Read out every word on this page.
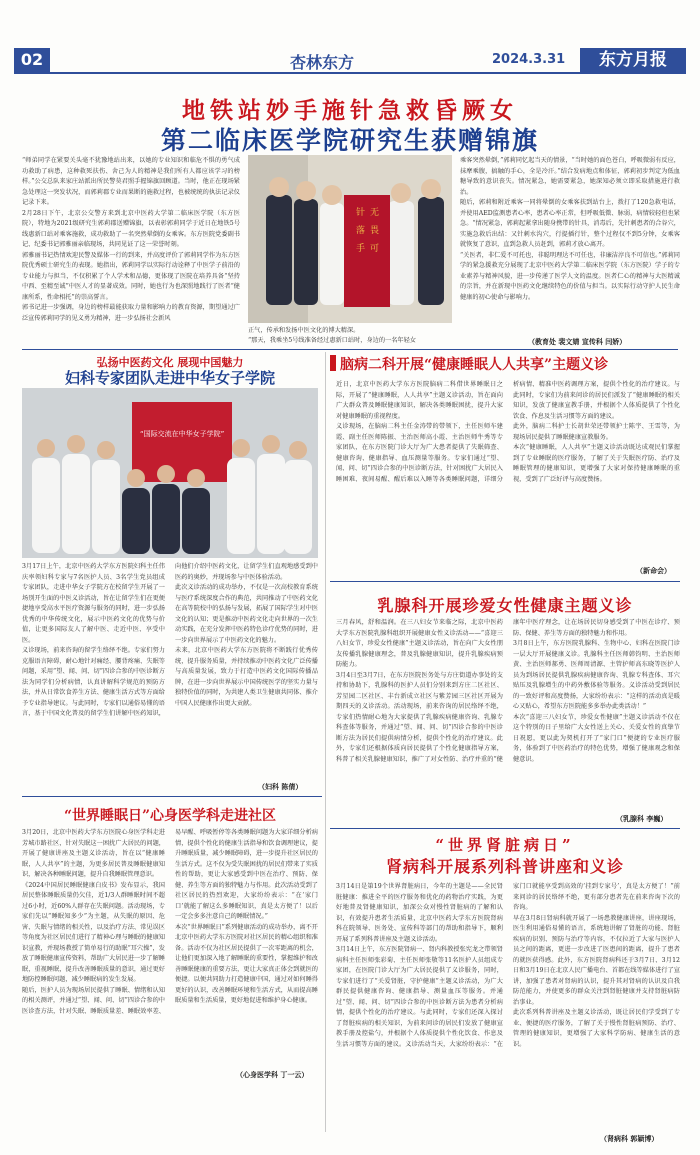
02	杏林东方	2024.3.31	东方月报
地铁站妙手施针急救昏厥女
第二临床医学院研究生获赠锦旗
“师弟同学在紧要关头毫不犹豫地站出来，以她的专业知识和临危不惧的勇气成功救助了病患，这种救死扶伤、舍己为人的精神是我们所有人都应该学习的榜样。”公交总队来家庄站派出所民警莫君照手握锦旗回顾道。当时，他正在现场紧急处理这一突发状况，而郭莉郡专业而果断的施救过程，也被统统的执法记录仪记录下来。
2月28日下午，北京公交警方来到北京中医药大学第二临床医学院（东方医院），特地为2021级研究生郭莉郡送赠锦旗，以表彰郭莉同学于近日在地铁5号线惠新口站对乘客施救，成功救助了一名突然晕倒的女乘客。东方医院党委副书记、纪委书记郭雅丽亲临现场，共同见证了这一荣誉时刻。
郭雅丽书记热情欢迎民警及媒体一行的到来，并高度评价了郭莉同学作为东方医院优秀硕士研究生的表现。她指出，郭莉同学以实际行动诠释了中医学子前沿的专业能力与担当，不仅积累了个人学术和品德，更体现了医院在培养具备“坚持中西、至精至诚”中医人才的显著成效。同时，她也行为也深照地践行了医者“健康所系，性命相托”的崇高誓言。
郭书记进一步强调，身边的榜样最能获取力量和影响力的教育资源，期望通过广泛宣传郭莉同学的见义勇为精神，进一步弘扬社会新风
针 无
落 畏
手 可
正气，传承和发扬中医文化的博大精深。
“那天，我乘坐5号线准备经过惠新口站时，身边的一名年轻女
乘客突然晕倒，”郭莉同忆起当天的情景，“当时她的面色苍白，呼吸微弱有反应，抹摩乘腹，搞触的手心，全是冷汗。”结合发病地点和体征，郭莉初步判定为低血糖导致的意识丧失。情况紧急，她需要紧急，她深知必须立即采取措施进行救治。
随后，郭莉和附近乘客一同将晕倒的女乘客扶到站台上，拨打了120急救电话，并使用AED监测患者心率，患者心率正常，但呼吸低微、脉弱，病情较轻但也紧急。“情况紧急，郭莉起紧拿出随身携带的针具，消毒后，先针刺患者的合谷穴，实施急救后出结：又针刺水沟穴，行提插行针，整个过程仅不到5分钟，女乘客就恢复了意识，直到急救人员赶到，郭莉才放心离开。
“关医者，非仁爱不可托也，非聪明理达不可任也，非廉洁淳良不可信也。”郭莉同学的紧急援救充分展现了北京中医药大学第二临床医学院（东方医院）学子的专业素养与精神风貌，进一步传递了医学人文的温度。医者仁心的精神与大医精诚的宗旨，并在新现中医药文化继续特色的价值与担当。以实际行动守护人民生命健康的初心使命与影响力。
（教育处 裴文婧 宣传科 闫娇）
弘扬中医药文化 展现中国魅力
妇科专家团队走进中华女子学院
“国际交流在中华女子学院”
3月17日上午，北京中医药大学东方医院妇科主任伟庆率领妇科专家与7名医护人员、3名学生党员组成专家团队，走进中华女子学院方在校留学生开展了一场别开生面的中医义诊活动，旨在让留学生们在更便捷地享受高水平医疗资源与服务的同时，进一步弘扬优秀的中华传统文化，展示中医药文化的优势与价值，让更多国际友人了解中医、走近中医、享受中医。
义诊现场，前来咨询的留学生络绎不绝。专家们努力克服语言障碍，耐心地针对痛经、腰背疼痛、失眠等问题，采用“望、闻、问、切”四诊合参的中医诊断方法为同学们分析病情，认真讲解科学规范的预防方法，并从日常饮食养生方法、健康生活方式等方面给予专业指导建议。与此同时，专家们以通俗易懂的语言，基于中国文化普及的留学生们讲解中医药知识，向他们介绍中医药文化，让留学生们直观地感受到中医药的奥妙，并现场参与中医体验活动。
此次义诊活动的成功举办，不仅是一次高校教育系统与医疗系统深度合作的典范，共同推动了中医药文化在高等院校中的弘扬与发展，拓展了国际学生对中医文化的认知；更是推动中医药文化走向世界的一次生动实践，在充分发挥中医药特色诊疗优势的同时，进一步向世界展示了中医药文化的魅力。
未来，北京中医药大学东方医院将不断践行优秀传统，提升服务质量，并持续推动中医药文化广泛传播与高质量发展，致力于打造中医药文化国际传播品牌，在进一步向世界展示中国传统医学的坚实力量与独特价值的同时，为共建人类卫生健康共同体、推介中国人民健康作出更大贡献。
（妇科 陈倩）
脑病二科开展“健康睡眠人人共享”主题义诊
近日，北京中医药大学东方医院脑病二科借世界睡眠日之际，开展了“健康睡眠，人人共享”主题义诊活动，旨在面向广大群众普及睡眠健康知识，解决各类睡眠困扰，提升大家对健康睡眠的重视程度。
义诊现场，在脑病二科主任金涛带的带领下，主任医师车建霞、副主任医师陈振、主治医师高小霞、主治医师牛秀等专家团队，在东方医院门诊大厅为广大患者提供了失眠筛查、健康咨询、健康指导、血压测量等服务。专家们通过“望、闻、问、切”四诊合参的中医诊断方法，针对困扰广大居民入睡困难、夜间易醒、醒后难以入睡等各类睡眠问题，详细分析病情、精准中医药调理方案，提供个性化的治疗建议。与此同时，专家们为前来问诊的居民们派发了“健康睡眠的相关知识，发放了健康宣教手册，并根据个人体质提供了个性化饮食、作息及生活习惯等方面的建议。
此外，脑病二科护士长胡世荣还带领护士陈宇、王雪等，为现场居民提供了睡眠健康宣教服务。
本次“健康睡眠，人人共享”主题义诊活动既达成观民们掌握到了专业睡眠的医疗服务，了解了关于失眠医疗防、治疗及睡眠管理的健康知识，更增强了大家对保持健康睡眠的重视，受到了广泛好评与高度赞扬。
（新命会）
乳腺科开展珍爱女性健康主题义诊
三月春风，舒和温润。在三八妇女节来临之际，北京中医药大学东方医院乳腺科组织开展健康女性义诊活动——“喜迎三八妇女节，珍爱女性健康”主题义诊活动，旨在向广大女性朋友传播乳腺健康理念，普及乳腺健康知识，提升乳腺疾病预防能力。
3月4日至3月7日，在东方医院医务处与方庄街道办事处的支持和协助下，乳腺科的医护人员们分别来到方庄二区社区、芳星园二区社区、丰台新成立社区与紫芳园三区社区开展为期四天的义诊活动。活动现场，前来咨询的居民络绎不绝，专家们热情耐心地为大家提供了乳腺疾病健康咨询、乳腺专科查体等服务，并通过“望、闻、问、切”四诊合参的中医诊断方法为居民们提供病情分析，提供个性化的治疗建议。此外，专家们还根据体质向居民提供了个性化健康指导方案，科普了相关乳腺健康知识，推广了对女性防、治疗并重的“健康年中医疗理念，让在场居民切身感受到了中医在诊疗、预防、保健、养生等方面的独特魅力和作用。
3月8日上午，东方医院乳腺科、生物中心、妇科在医院门诊一层大厅开展健康义诊。乳腺科主任医师韩钧明、主治医师黄、主治医师郝勇、医师周清源、主管护师高东晓等医护人员为到场居民提供乳腺疾病健康咨询、乳腺专科查体、耳穴贴压及乳腺增生的中药外敷体验等服务。义诊活动受到居民的一致好评和高度赞扬，大家纷纷表示：“这样的活动真是暖心又贴心，希望东方医院能多多举办此类活动！”
本次“喜迎三八妇女节，珍爱女性健康”主题义诊活动不仅在这个特别的日子里给广大女性送上关心、关爱女性的真挚节日祝愿，更以此为契机打开了“家门口”便捷的专业医疗服务，体验到了中医药治疗的特色优势，增强了健康观念和保健意识。
（乳腺科 李巍）
“世界睡眠日”心身医学科走进社区
3月20日，北京中医药大学东方医院心身医学科走进芳城市路社区，针对失眠这一困扰广大居民的问题，开展了健康讲座及主题义诊活动，旨在以“健康睡眠，人人共享”的主题，为更多居民普及睡眠健康知识，解决各种睡眠问题，提升自我睡眠管理意识。
《2024中国居民睡眠健康白皮书》发布显示，我国居民整体睡眠质量仍欠佳，近1/3人群睡眠时间不超过6小时，近60%人群存在失眠问题。活动现场，专家们先以“睡眠知多少”为主题，从失眠的原因、危害、失眠与情绪的相关性，以及治疗方法、常见误区等角度为社区居民们进行了精神心理与睡眠的健康知识宣教，并现场教授了简单易行的助眠“耳穴操”，发放了睡眠健康宣传资料，帮助广大居民进一步了解睡眠，重视睡眠，提升改善睡眠质量的意识，通过更好地防控睡眠问题，减少睡眠病的发生发展。
随后，医护人员为现场居民提供了睡眠、情绪和认知的相关测评，并通过“望、闻、问、切”四诊合参的中医诊查方法，针对失眠、睡眠质量差、睡眠效率差、易早醒、呼吸暂停等各类睡眠问题为大家详细分析病情，提供个性化的健康生活指导和饮食调理建议，提升睡眠质量，减少睡眠障碍，进一步提升社区居民的生活方式。这不仅为受失眠困扰的居民们带来了实质性的帮助，更让大家感受到中医在治疗、预防、保健、养生等方面的独特魅力与作用。此次活动受到了社区居民的热烈欢迎，大家纷纷表示：“在‘家门口’就能了解这么多睡眠知识，真是太方便了！以后一定会多多注意自己的睡眠情况。”
本次“世界睡眠日”系列健康活动的成功举办，离不开北京中医药大学东方医院对社区居民的精心组织和准备。活动不仅为社区居民提供了一次零距离的机会，让他们更加深入地了解睡眠的重要性，掌握维护和改善睡眠健康的重要方法，更让大家真正体会到就医的便捷。以便共同助力打造健康中国，通过对如何睡得更好的认识，改善睡眠环境和生活方式，从而提高睡眠质量和生活质量，更好地促进和维护身心健康。
（心身医学科 丁一云）
“世界肾脏病日”
肾病科开展系列科普讲座和义诊
3月14日是第19个世界肾脏病日，今年的主题是——全民肾脏健康：推进全平的医疗服务和优化的药物治疗实践，为更好地普及肾健康知识，加深公众对慢性肾脏病的了解和认识，有效提升患者生活质量，北京中医药大学东方医院肾病科在院领导、医务处、宣传科等部门的帮助和指导下，顺利开展了系列科普讲座及主题义诊活动。
3月14日上午，东方医院肾病一、肾内科教授张宪龙之带领肾病科主任医师张彩菊、主任医师张敬等11名医护人员组成专家团，在医院门诊大厅为广大居民提供了义诊服务，同时，专家们进行了“关爱肾脏，守护健康”主题义诊活动，为广大群民提供健康咨询、健康指导、测量血压等服务。并通过“望、闻、问、切”四诊合参的中医诊断方法为患者分析病情，提供个性化的治疗建议。与此同时，专家们还深入探讨了肾脏疾病的相关知识，为前来问诊的居民们发放了健康宣教手册及控盐勺，并根据个人体质提供个性化饮食、作息及生活习惯等方面的建议。义诊活动当天，大家纷纷表示：“在家门口就能享受到高效的‘挂到专家号’，真是太方便了！”前来问诊的居民络绎不绝，更有部分患者先在前来咨询下次的咨询。
早在3月8日肾病科就开展了一场患教健康讲座，讲座现场，医生利用通俗易懂的语言，系统地讲解了肾脏的功能、肾脏疾病的识别、预防与治疗等内容，不仅拉近了大家与医护人员之间的距离，更进一步改进了医患间的距离，提升了患者的就医获得感。此外，东方医院肾病科还于3月7日、3月12日和3月19日在北京人民广播电台、首都在线等媒体进行了宣讲，加强了患者对肾病的认识，提升其对肾病的认识及自我防范能力，并使更多的群众关注到肾脏健康并支持肾脏病防治事业。
此次系列科普讲座及主题义诊活动，既让居民们学受到了专业、便捷的医疗服务，了解了关于慢性肾脏病预防、治疗、管理的健康知识，更增强了大家科学防病、健康生活的意识。
（肾病科 郭颖博）
